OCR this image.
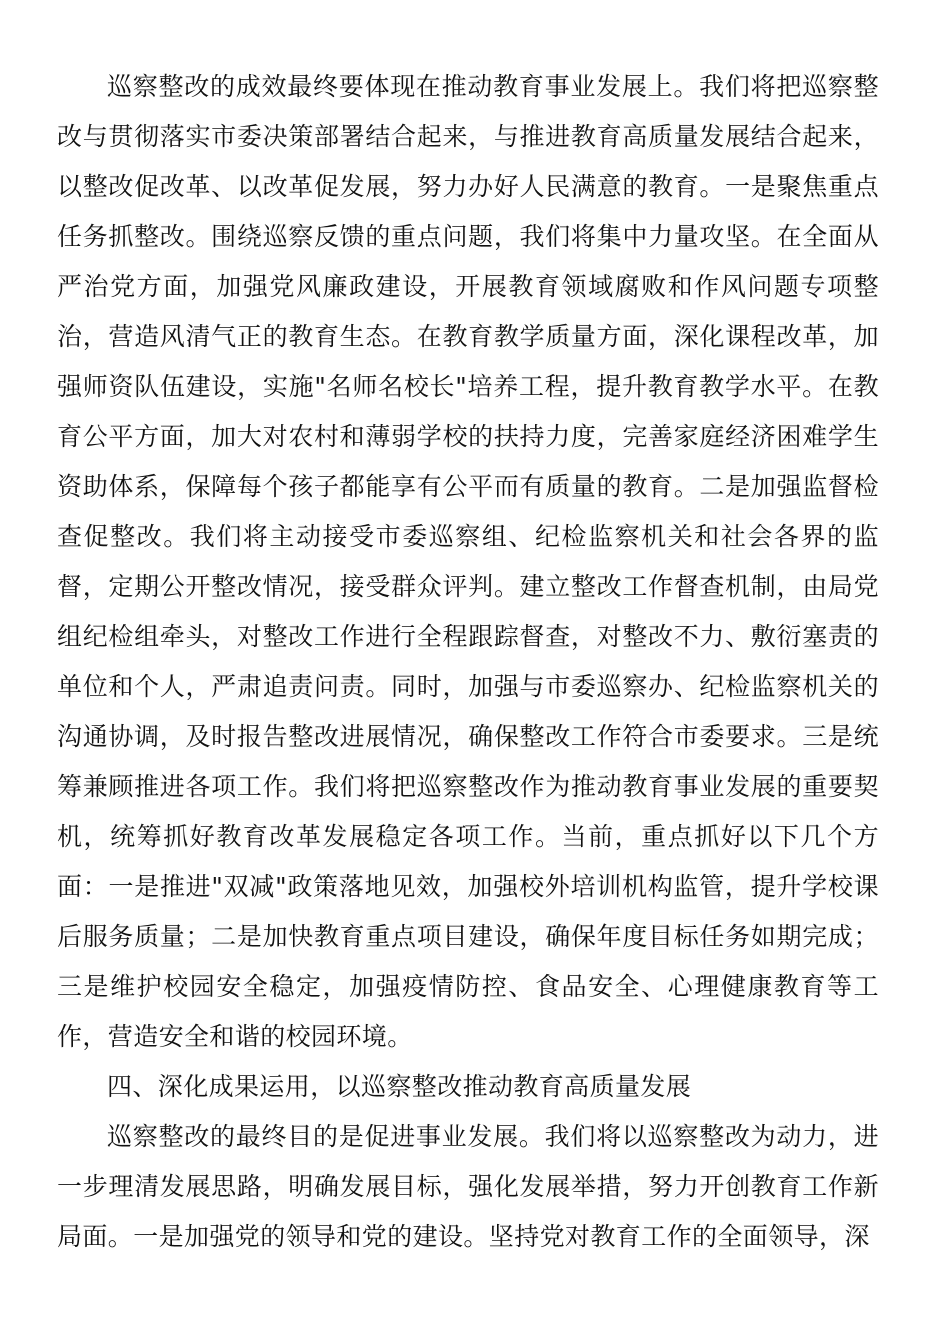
巡察整改的成效最终要体现在推动教育事业发展上。我们将把巡察整改与贯彻落实市委决策部署结合起来，与推进教育高质量发展结合起来，以整改促改革、以改革促发展，努力办好人民满意的教育。一是聚焦重点任务抓整改。围绕巡察反馈的重点问题，我们将集中力量攻坚。在全面从严治党方面，加强党风廉政建设，开展教育领域腐败和作风问题专项整治，营造风清气正的教育生态。在教育教学质量方面，深化课程改革，加强师资队伍建设，实施"名师名校长"培养工程，提升教育教学水平。在教育公平方面，加大对农村和薄弱学校的扶持力度，完善家庭经济困难学生资助体系，保障每个孩子都能享有公平而有质量的教育。二是加强监督检查促整改。我们将主动接受市委巡察组、纪检监察机关和社会各界的监督，定期公开整改情况，接受群众评判。建立整改工作督查机制，由局党组纪检组牵头，对整改工作进行全程跟踪督查，对整改不力、敷衍塞责的单位和个人，严肃追责问责。同时，加强与市委巡察办、纪检监察机关的沟通协调，及时报告整改进展情况，确保整改工作符合市委要求。三是统筹兼顾推进各项工作。我们将把巡察整改作为推动教育事业发展的重要契机，统筹抓好教育改革发展稳定各项工作。当前，重点抓好以下几个方面：一是推进"双减"政策落地见效，加强校外培训机构监管，提升学校课后服务质量；二是加快教育重点项目建设，确保年度目标任务如期完成；三是维护校园安全稳定，加强疫情防控、食品安全、心理健康教育等工作，营造安全和谐的校园环境。

四、深化成果运用，以巡察整改推动教育高质量发展

巡察整改的最终目的是促进事业发展。我们将以巡察整改为动力，进一步理清发展思路，明确发展目标，强化发展举措，努力开创教育工作新局面。一是加强党的领导和党的建设。坚持党对教育工作的全面领导，深
